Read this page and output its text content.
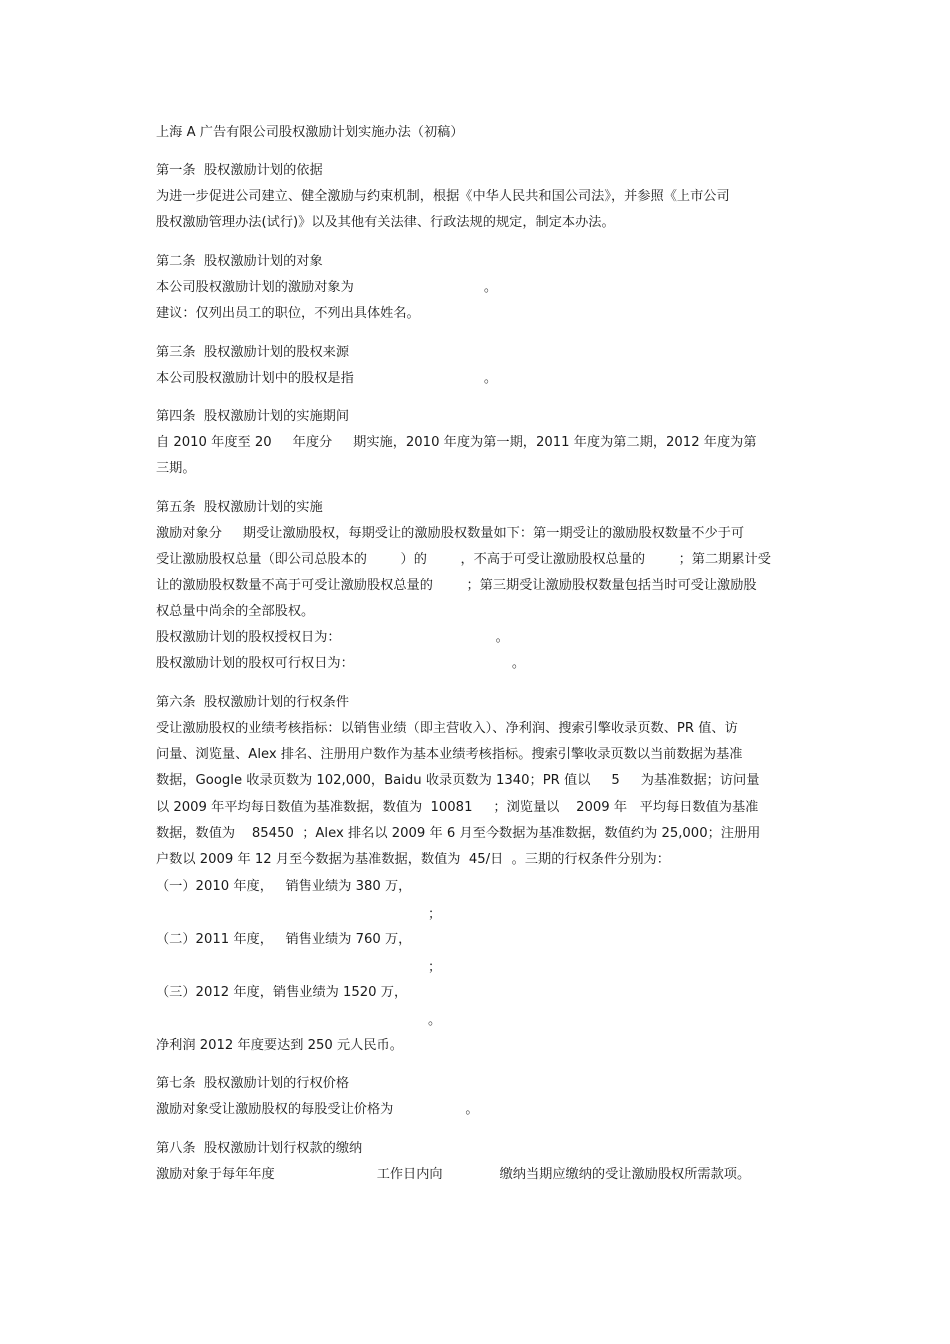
上海 A 广告有限公司股权激励计划实施办法（初稿）
第一条  股权激励计划的依据
为进一步促进公司建立、健全激励与约束机制，根据《中华人民共和国公司法》，并参照《上市公司
股权激励管理办法(试行)》以及其他有关法律、行政法规的规定，制定本办法。
第二条  股权激励计划的对象
本公司股权激励计划的激励对象为	。
建议：仅列出员工的职位，不列出具体姓名。
第三条  股权激励计划的股权来源
本公司股权激励计划中的股权是指	。
第四条  股权激励计划的实施期间
自 2010 年度至 20     年度分     期实施，2010 年度为第一期，2011 年度为第二期，2012 年度为第
三期。
第五条  股权激励计划的实施
激励对象分     期受让激励股权，每期受让的激励股权数量如下：第一期受让的激励股权数量不少于可
受让激励股权总量（即公司总股本的        ）的        ，不高于可受让激励股权总量的        ；第二期累计受
让的激励股权数量不高于可受让激励股权总量的        ；第三期受让激励股权数量包括当时可受让激励股
权总量中尚余的全部股权。
股权激励计划的股权授权日为：	。
股权激励计划的股权可行权日为：	。
第六条  股权激励计划的行权条件
受让激励股权的业绩考核指标：以销售业绩（即主营收入）、净利润、搜索引擎收录页数、PR 值、访
问量、浏览量、Alex 排名、注册用户数作为基本业绩考核指标。搜索引擎收录页数以当前数据为基准
数据，Google 收录页数为 102,000，Baidu 收录页数为 1340；PR 值以     5     为基准数据；访问量
以 2009 年平均每日数值为基准数据，数值为  10081     ；浏览量以    2009 年   平均每日数值为基准
数据，数值为    85450  ；Alex 排名以 2009 年 6 月至今数据为基准数据，数值约为 25,000；注册用
户数以 2009 年 12 月至今数据为基准数据，数值为  45/日  。三期的行权条件分别为：
（一）2010 年度，   销售业绩为 380 万，
；
（二）2011 年度，   销售业绩为 760 万，
；
（三）2012 年度，销售业绩为 1520 万，
。
净利润 2012 年度要达到 250 元人民币。
第七条  股权激励计划的行权价格
激励对象受让激励股权的每股受让价格为	。
第八条  股权激励计划行权款的缴纳
激励对象于每年年度	工作日内向	缴纳当期应缴纳的受让激励股权所需款项。
